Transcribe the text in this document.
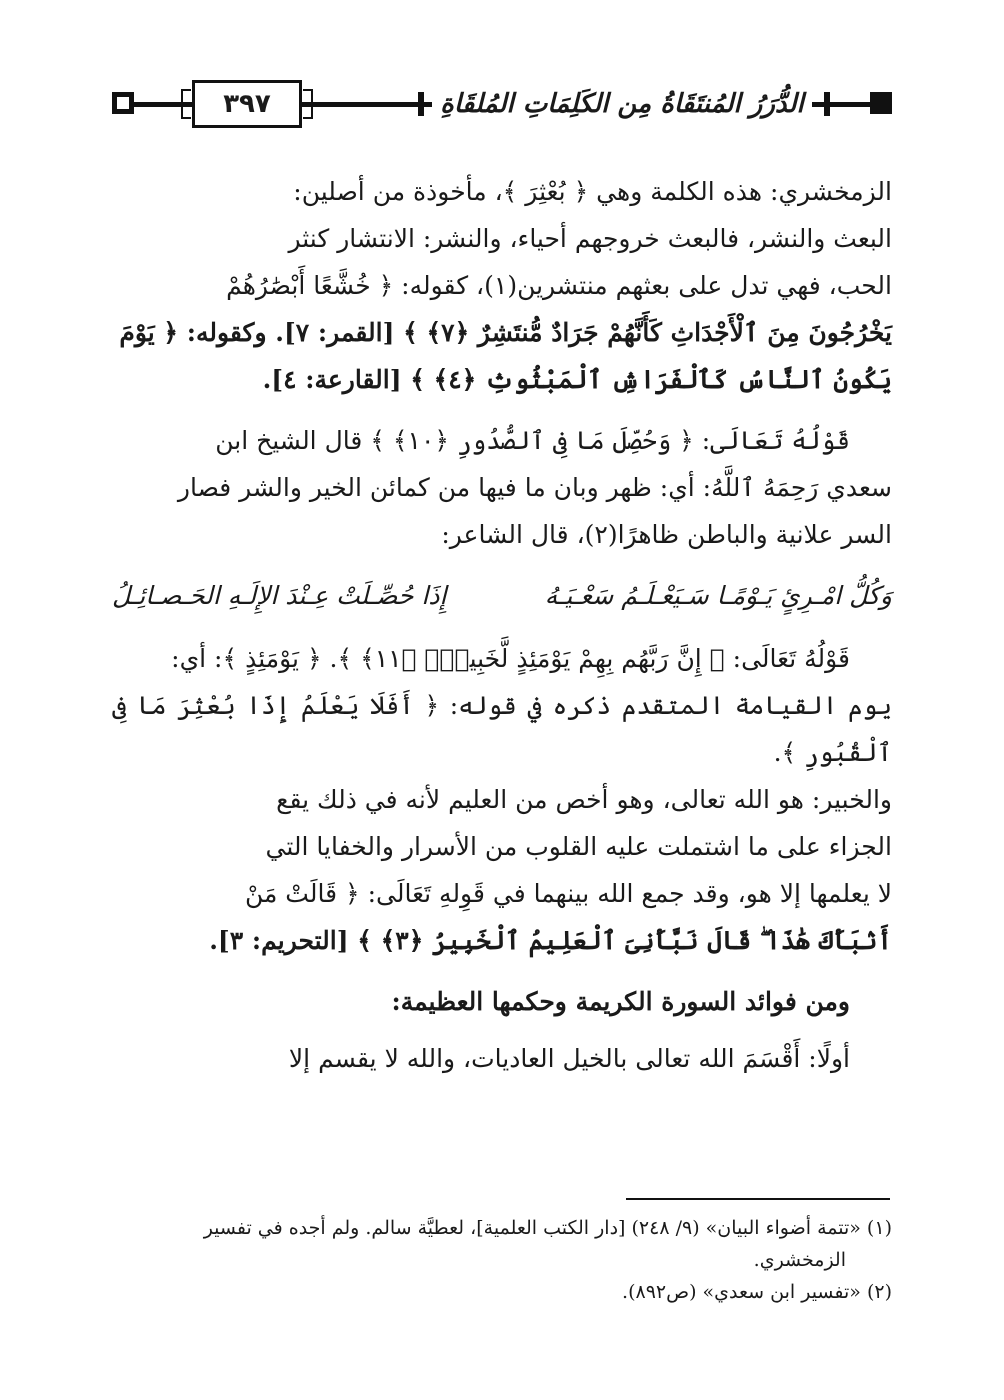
٣٩٧	الدُّرَرُ المُنتَقَاةُ مِن الكَلِمَاتِ المُلقَاةِ

الزمخشري: هذه الكلمة وهي ﴿ بُعْثِرَ ﴾، مأخوذة من أصلين:

البعث والنشر، فالبعث خروجهم أحياء، والنشر: الانتشار كنثر

الحب، فهي تدل على بعثهم منتشرين(١)، كقوله: ﴿ خُشَّعًا أَبْصَٰرُهُمْ

يَخْرُجُونَ مِنَ ٱلْأَجْدَاثِ كَأَنَّهُمْ جَرَادٌ مُّنتَشِرٌ ﴿٧﴾ ﴾ [القمر: ٧]. وكقوله: ﴿ يَوْمَ

يَكُونُ ٱلنَّاسُ كَٱلْفَرَاشِ ٱلْمَبْثُوثِ ﴿٤﴾ ﴾ [القارعة: ٤].

قَوْلُهُ تَعَالَى: ﴿ وَحُصِّلَ مَا فِى ٱلصُّدُورِ ﴿١٠﴾ ﴾ قال الشيخ ابن

سعدي رَحِمَهُ ٱللَّهُ: أي: ظهر وبان ما فيها من كمائن الخير والشر فصار

السر علانية والباطن ظاهرًا(٢)، قال الشاعر:

وَكُلُّ امْـرِئٍ يَـوْمًـا سَـيَعْـلَـمُ سَعْـيَـهُ
إِذَا حُصِّـلَتْ عِـنْدَ الإِلَـهِ الحَـصـائِـلُ

قَوْلُهُ تَعَالَى: ﴿ إِنَّ رَبَّهُم بِهِمْ يَوْمَئِذٍ لَّخَبِيرٌۢ ﴿١١﴾ ﴾. ﴿ يَوْمَئِذٍ ﴾: أي:

يوم القيامة المتقدم ذكره في قوله: ﴿ أَفَلَا يَعْلَمُ إِذَا بُعْثِرَ مَا فِى ٱلْقُبُورِ ﴾.

والخبير: هو الله تعالى، وهو أخص من العليم لأنه في ذلك يقع

الجزاء على ما اشتملت عليه القلوب من الأسرار والخفايا التي

لا يعلمها إلا هو، وقد جمع الله بينهما في قَوِلهِ تَعَالَى: ﴿ قَالَتْ مَنْ

أَنۢبَأَكَ هَٰذَا ۖ قَالَ نَبَّأَنِىَ ٱلْعَلِيمُ ٱلْخَبِيرُ ﴿٣﴾ ﴾ [التحريم: ٣].

ومن فوائد السورة الكريمة وحكمها العظيمة:

أولًا: أَقْسَمَ الله تعالى بالخيل العاديات، والله لا يقسم إلا

(١) «تتمة أضواء البيان» (٩/ ٢٤٨) [دار الكتب العلمية]، لعطيَّة سالم. ولم أجده في تفسير

الزمخشري.

(٢) «تفسير ابن سعدي» (ص٨٩٢).
